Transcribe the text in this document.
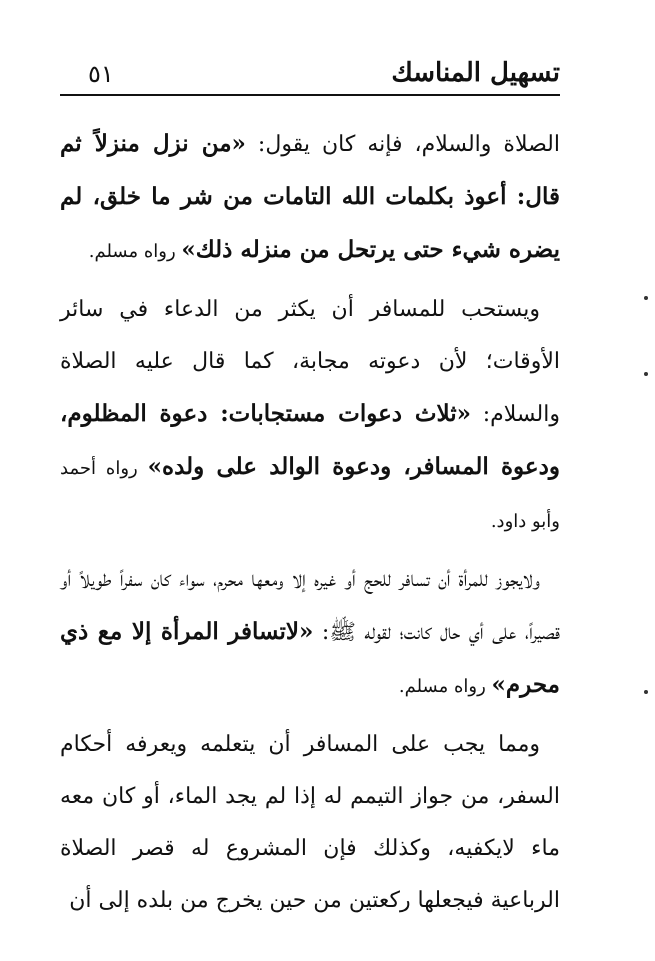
تسهيل المناسك
٥١

الصلاة والسلام، فإنه كان يقول: «من نزل منزلاً ثم قال: أعوذ بكلمات الله التامات من شر ما خلق، لم يضره شيء حتى يرتحل من منزله ذلك» رواه مسلم.

ويستحب للمسافر أن يكثر من الدعاء في سائر الأوقات؛ لأن دعوته مجابة، كما قال عليه الصلاة والسلام: «ثلاث دعوات مستجابات: دعوة المظلوم، ودعوة المسافر، ودعوة الوالد على ولده» رواه أحمد وأبو داود.

ولايجوز للمرأة أن تسافر للحج أو غيره إلا ومعها محرم، سواء كان سفراً طويلاً أو قصيراً، على أي حال كانت؛ لقوله ﷺ: «لاتسافر المرأة إلا مع ذي محرم» رواه مسلم.

ومما يجب على المسافر أن يتعلمه ويعرفه أحكام السفر، من جواز التيمم له إذا لم يجد الماء، أو كان معه ماء لايكفيه، وكذلك فإن المشروع له قصر الصلاة الرباعية فيجعلها ركعتين من حين يخرج من بلده إلى أن
